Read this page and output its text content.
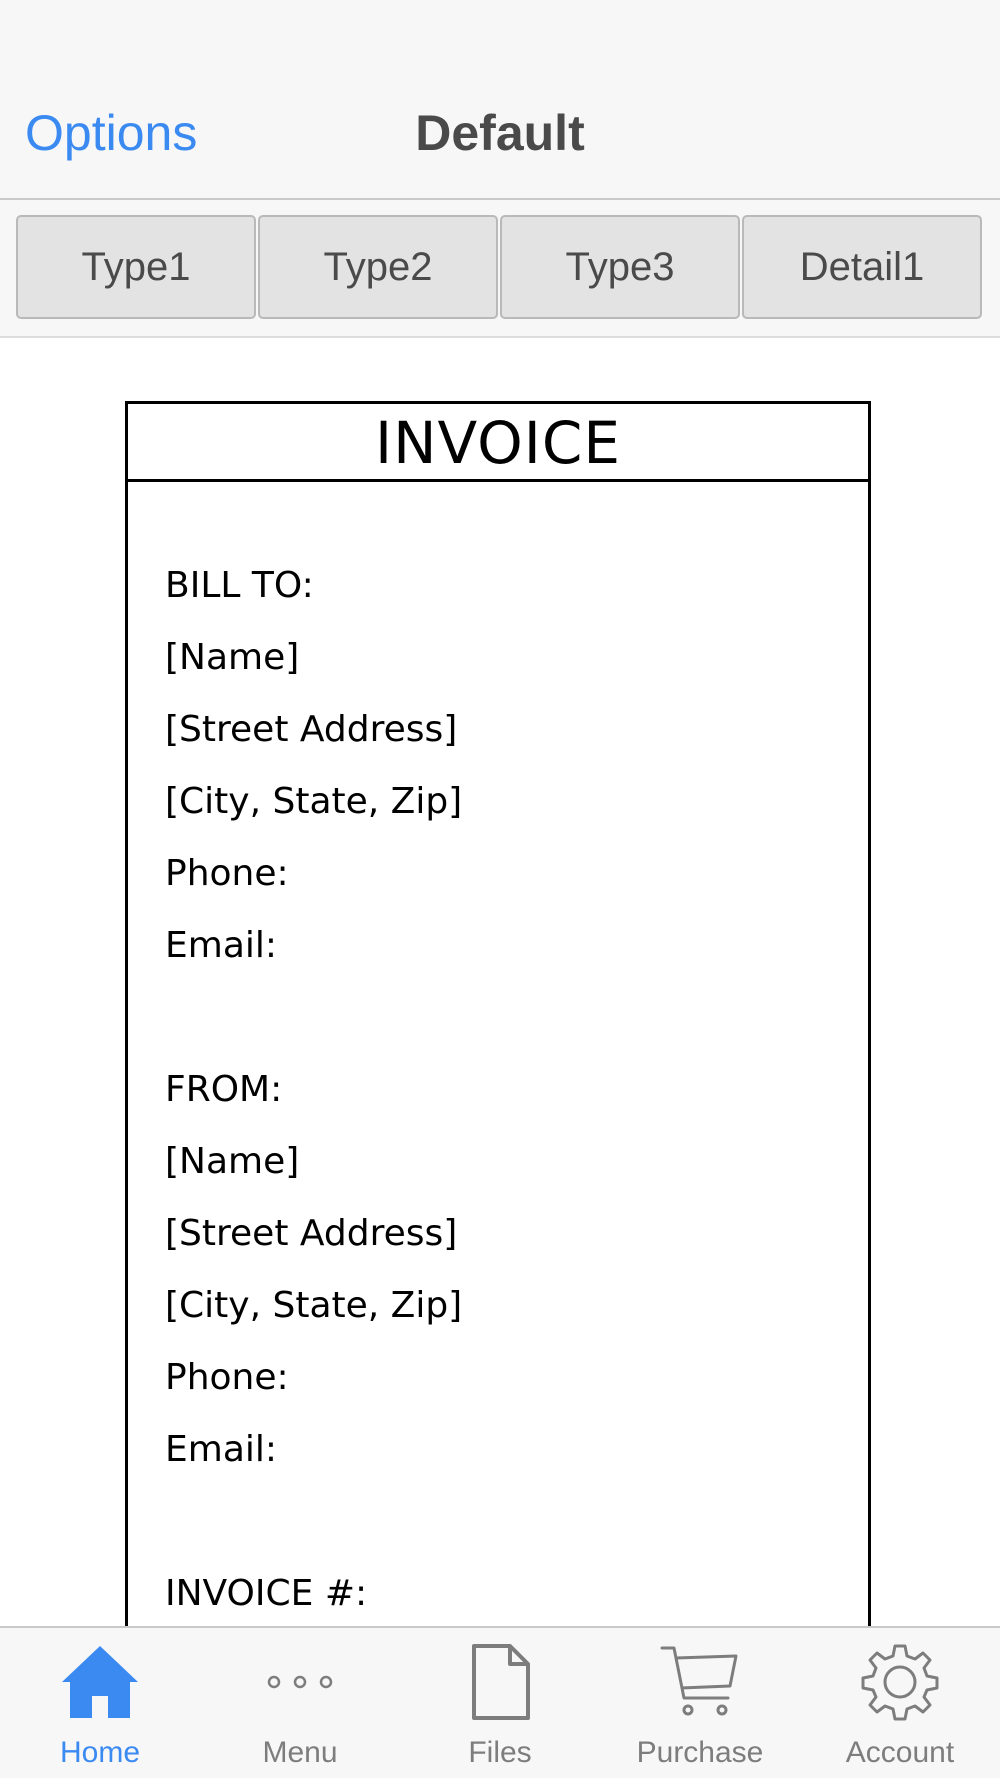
Default
Options
Type1	Type2	Type3	Detail1
INVOICE
BILL TO:
[Name]
[Street Address]
[City, State, Zip]
Phone:
Email:
FROM:
[Name]
[Street Address]
[City, State, Zip]
Phone:
Email:
INVOICE #:
Home	Menu	Files	Purchase	Account
